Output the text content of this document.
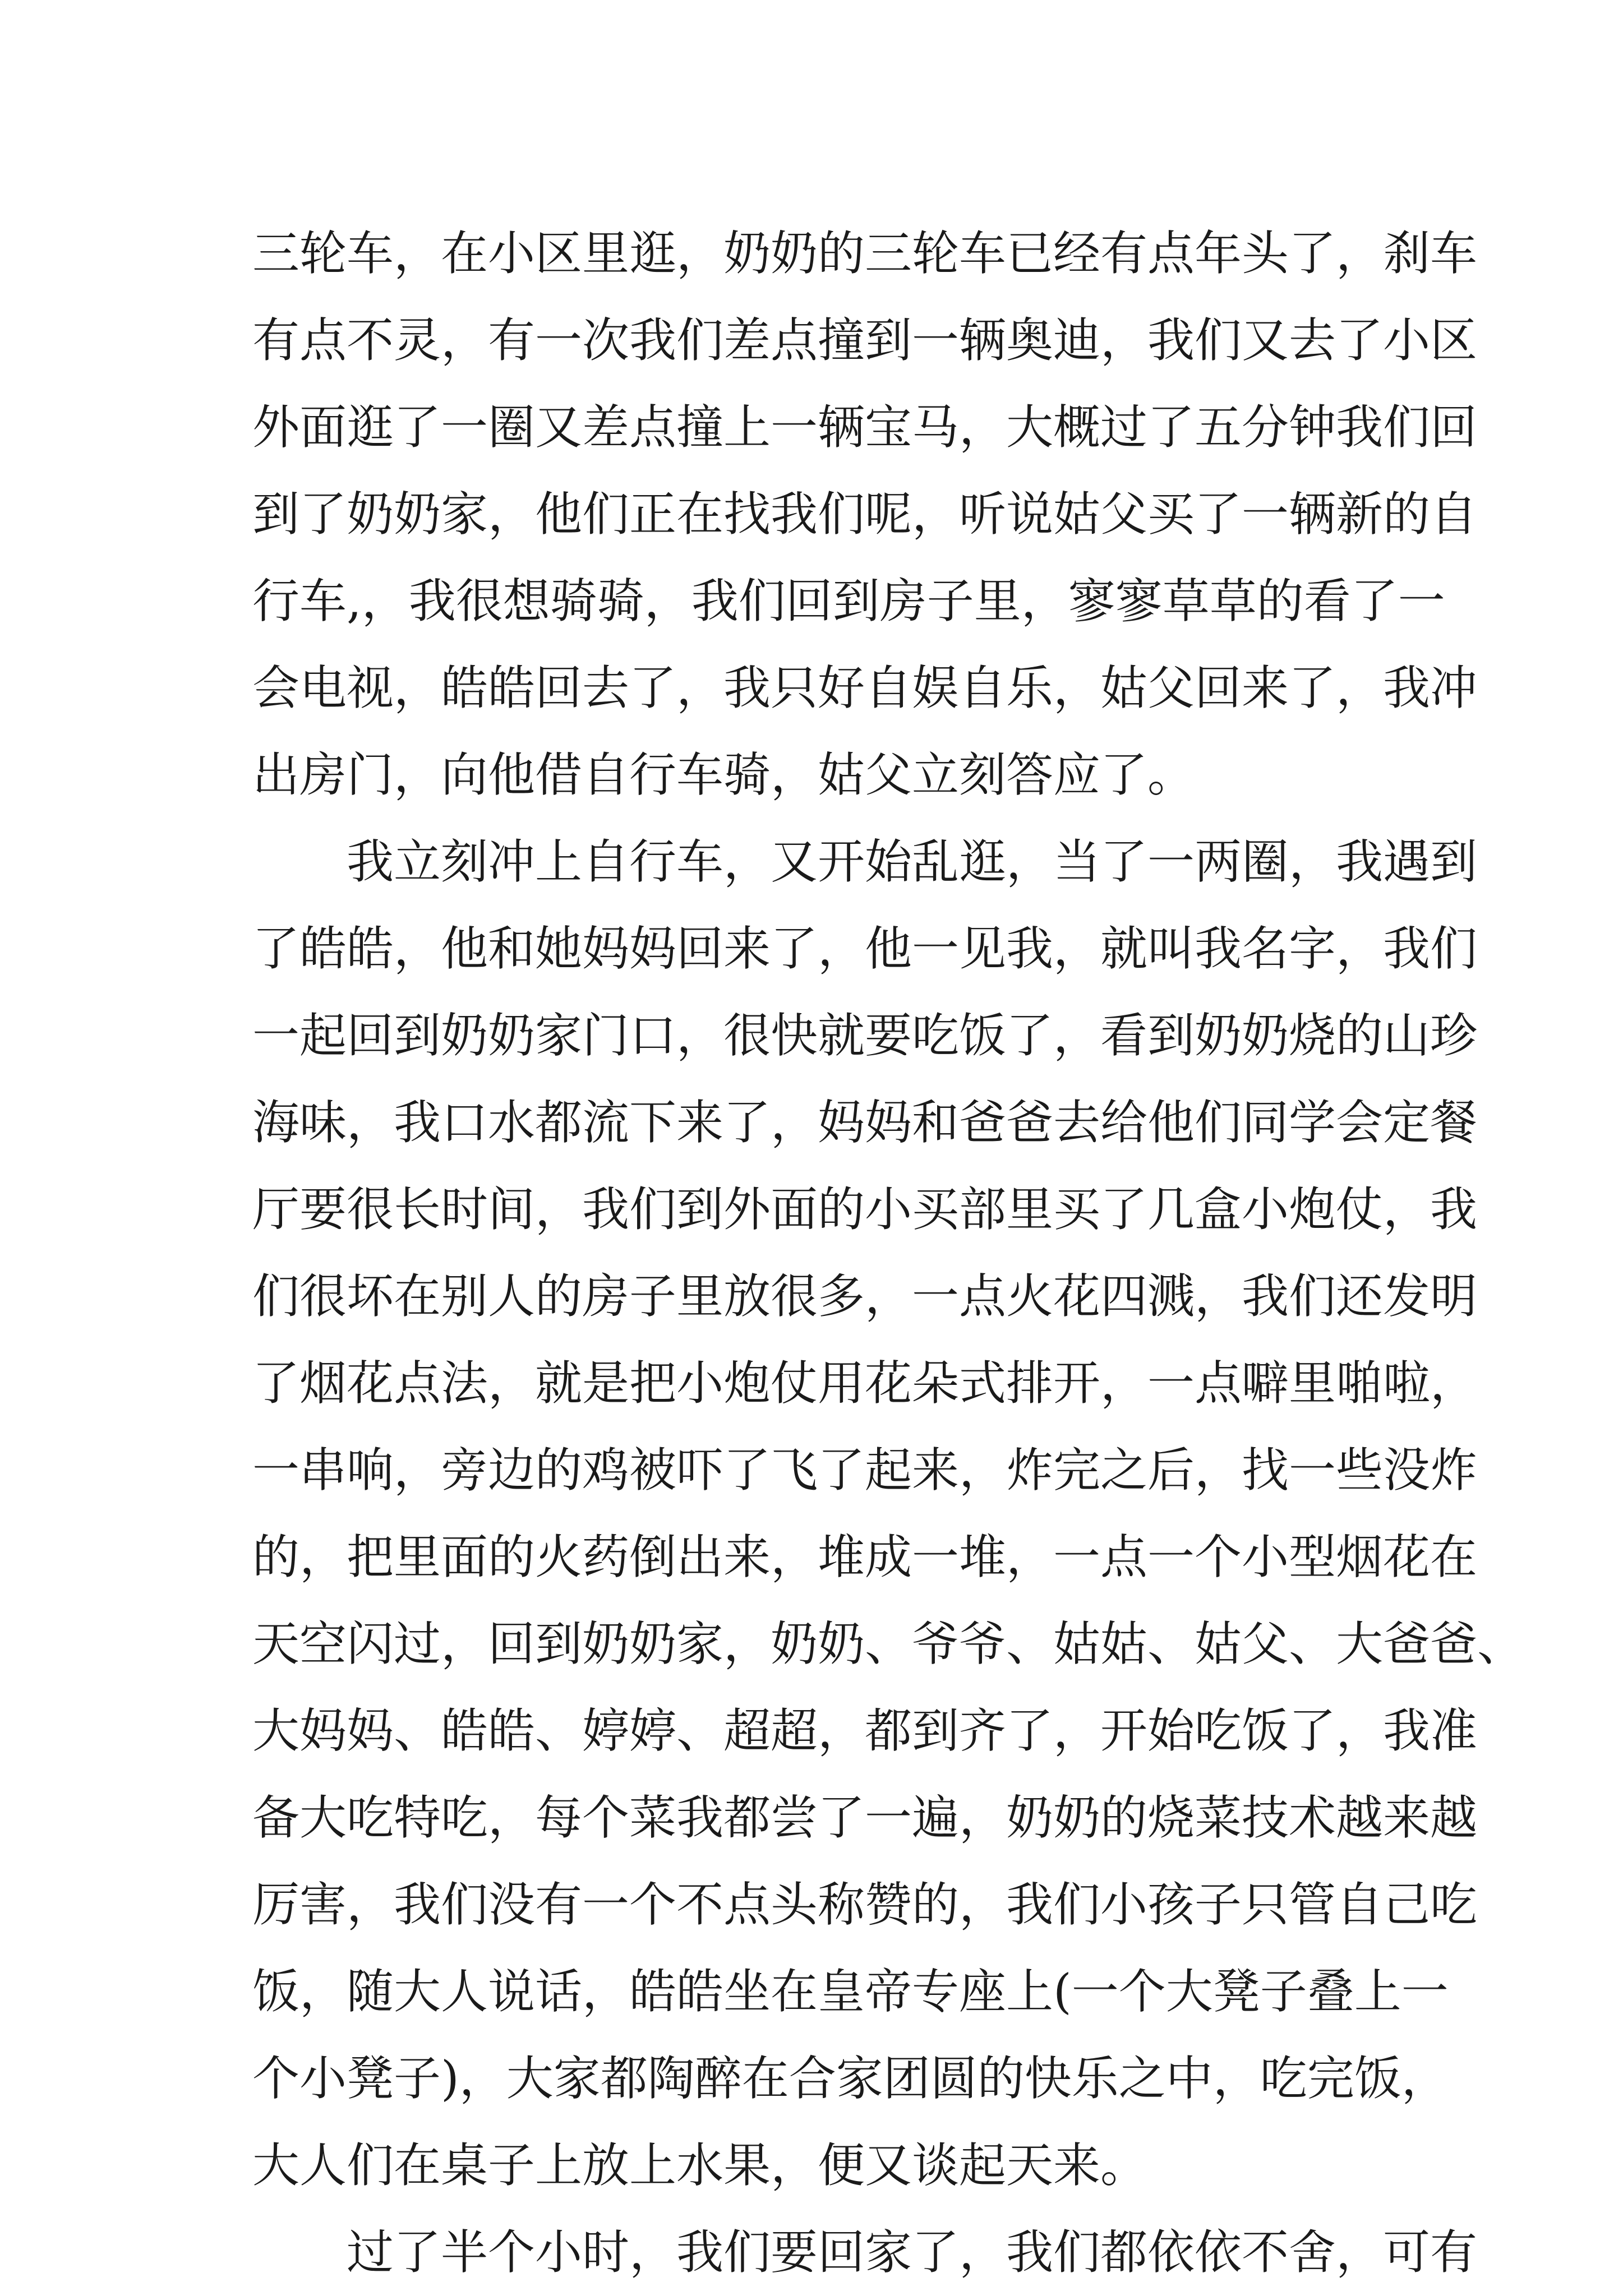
三轮车，在小区里逛，奶奶的三轮车已经有点年头了，刹车
有点不灵，有一次我们差点撞到一辆奥迪，我们又去了小区
外面逛了一圈又差点撞上一辆宝马，大概过了五分钟我们回
到了奶奶家，他们正在找我们呢，听说姑父买了一辆新的自
行车,，我很想骑骑，我们回到房子里，寥寥草草的看了一
会电视，皓皓回去了，我只好自娱自乐，姑父回来了，我冲
出房门，向他借自行车骑，姑父立刻答应了。
　　我立刻冲上自行车，又开始乱逛，当了一两圈，我遇到
了皓皓，他和她妈妈回来了，他一见我，就叫我名字，我们
一起回到奶奶家门口，很快就要吃饭了，看到奶奶烧的山珍
海味，我口水都流下来了，妈妈和爸爸去给他们同学会定餐
厅要很长时间，我们到外面的小买部里买了几盒小炮仗，我
们很坏在别人的房子里放很多，一点火花四溅，我们还发明
了烟花点法，就是把小炮仗用花朵式排开，一点噼里啪啦，
一串响，旁边的鸡被吓了飞了起来，炸完之后，找一些没炸
的，把里面的火药倒出来，堆成一堆，一点一个小型烟花在
天空闪过，回到奶奶家，奶奶、爷爷、姑姑、姑父、大爸爸、
大妈妈、皓皓、婷婷、超超，都到齐了，开始吃饭了，我准
备大吃特吃，每个菜我都尝了一遍，奶奶的烧菜技术越来越
厉害，我们没有一个不点头称赞的，我们小孩子只管自己吃
饭，随大人说话，皓皓坐在皇帝专座上(一个大凳子叠上一
个小凳子)，大家都陶醉在合家团圆的快乐之中，吃完饭，
大人们在桌子上放上水果，便又谈起天来。
　　过了半个小时，我们要回家了，我们都依依不舍，可有
